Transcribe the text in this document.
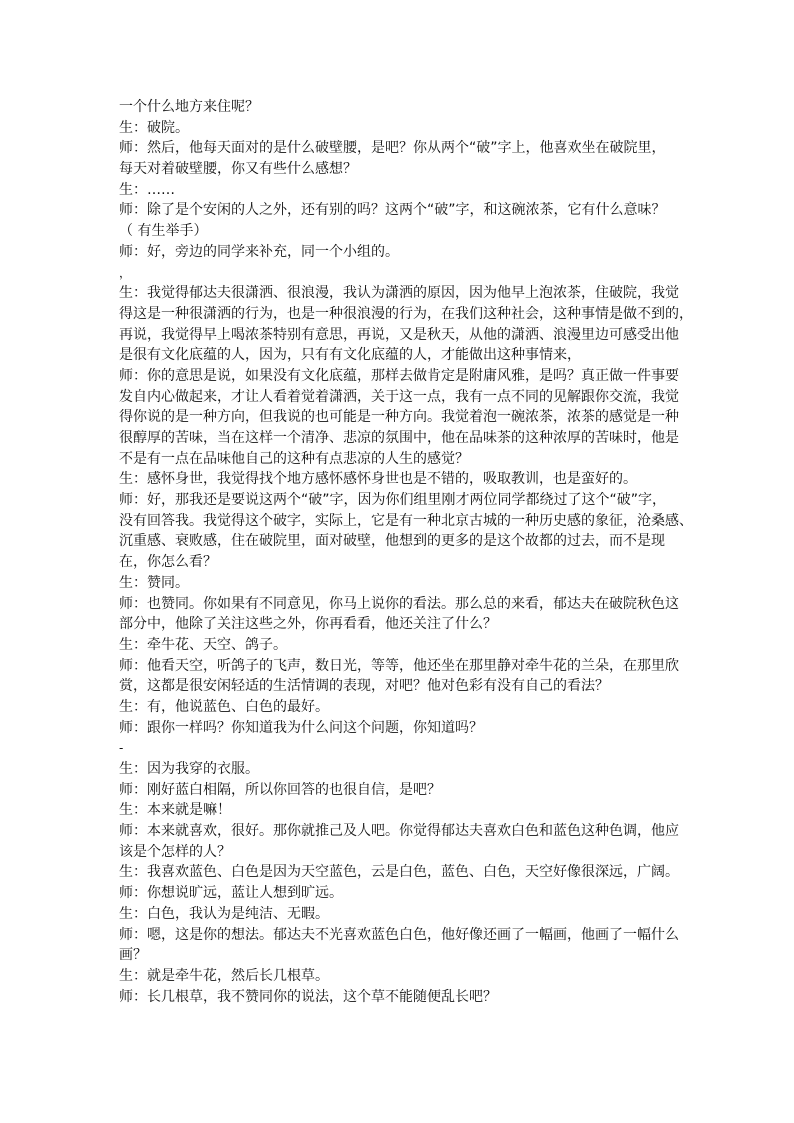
一个什么地方来住呢？
生：破院。
师：然后，他每天面对的是什么破壁腰，是吧？你从两个“破”字上，他喜欢坐在破院里，
每天对着破壁腰，你又有些什么感想？
生：……
师：除了是个安闲的人之外，还有别的吗？这两个“破”字，和这碗浓茶，它有什么意味？
（ 有生举手）
师：好，旁边的同学来补充，同一个小组的。
，
生：我觉得郁达夫很潇洒、很浪漫，我认为潇洒的原因，因为他早上泡浓茶，住破院，我觉
得这是一种很潇洒的行为，也是一种很浪漫的行为，在我们这种社会，这种事情是做不到的，
再说，我觉得早上喝浓茶特别有意思，再说，又是秋天，从他的潇洒、浪漫里边可感受出他
是很有文化底蕴的人，因为，只有有文化底蕴的人，才能做出这种事情来，
师：你的意思是说，如果没有文化底蕴，那样去做肯定是附庸风雅，是吗？真正做一件事要
发自内心做起来，才让人看着觉着潇洒，关于这一点，我有一点不同的见解跟你交流，我觉
得你说的是一种方向，但我说的也可能是一种方向。我觉着泡一碗浓茶，浓茶的感觉是一种
很醇厚的苦味，当在这样一个清净、悲凉的氛围中，他在品味茶的这种浓厚的苦味时，他是
不是有一点在品味他自己的这种有点悲凉的人生的感觉？
生：感怀身世，我觉得找个地方感怀感怀身世也是不错的，吸取教训，也是蛮好的。
师：好，那我还是要说这两个“破”字，因为你们组里刚才两位同学都绕过了这个“破”字，
没有回答我。我觉得这个破字，实际上，它是有一种北京古城的一种历史感的象征，沧桑感、
沉重感、衰败感，住在破院里，面对破壁，他想到的更多的是这个故都的过去，而不是现
在，你怎么看？
生：赞同。
师：也赞同。你如果有不同意见，你马上说你的看法。那么总的来看，郁达夫在破院秋色这
部分中，他除了关注这些之外，你再看看，他还关注了什么？
生：牵牛花、天空、鸽子。
师：他看天空，听鸽子的飞声，数日光，等等，他还坐在那里静对牵牛花的兰朵，在那里欣
赏，这都是很安闲轻适的生活情调的表现，对吧？他对色彩有没有自己的看法？
生：有，他说蓝色、白色的最好。
师：跟你一样吗？你知道我为什么问这个问题，你知道吗？
-
生：因为我穿的衣服。
师：刚好蓝白相隔，所以你回答的也很自信，是吧？
生：本来就是嘛！
师：本来就喜欢，很好。那你就推己及人吧。你觉得郁达夫喜欢白色和蓝色这种色调，他应
该是个怎样的人？
生：我喜欢蓝色、白色是因为天空蓝色，云是白色，蓝色、白色，天空好像很深远，广阔。
师：你想说旷远，蓝让人想到旷远。
生：白色，我认为是纯洁、无暇。
师：嗯，这是你的想法。郁达夫不光喜欢蓝色白色，他好像还画了一幅画，他画了一幅什么
画？
生：就是牵牛花，然后长几根草。
师：长几根草，我不赞同你的说法，这个草不能随便乱长吧？
